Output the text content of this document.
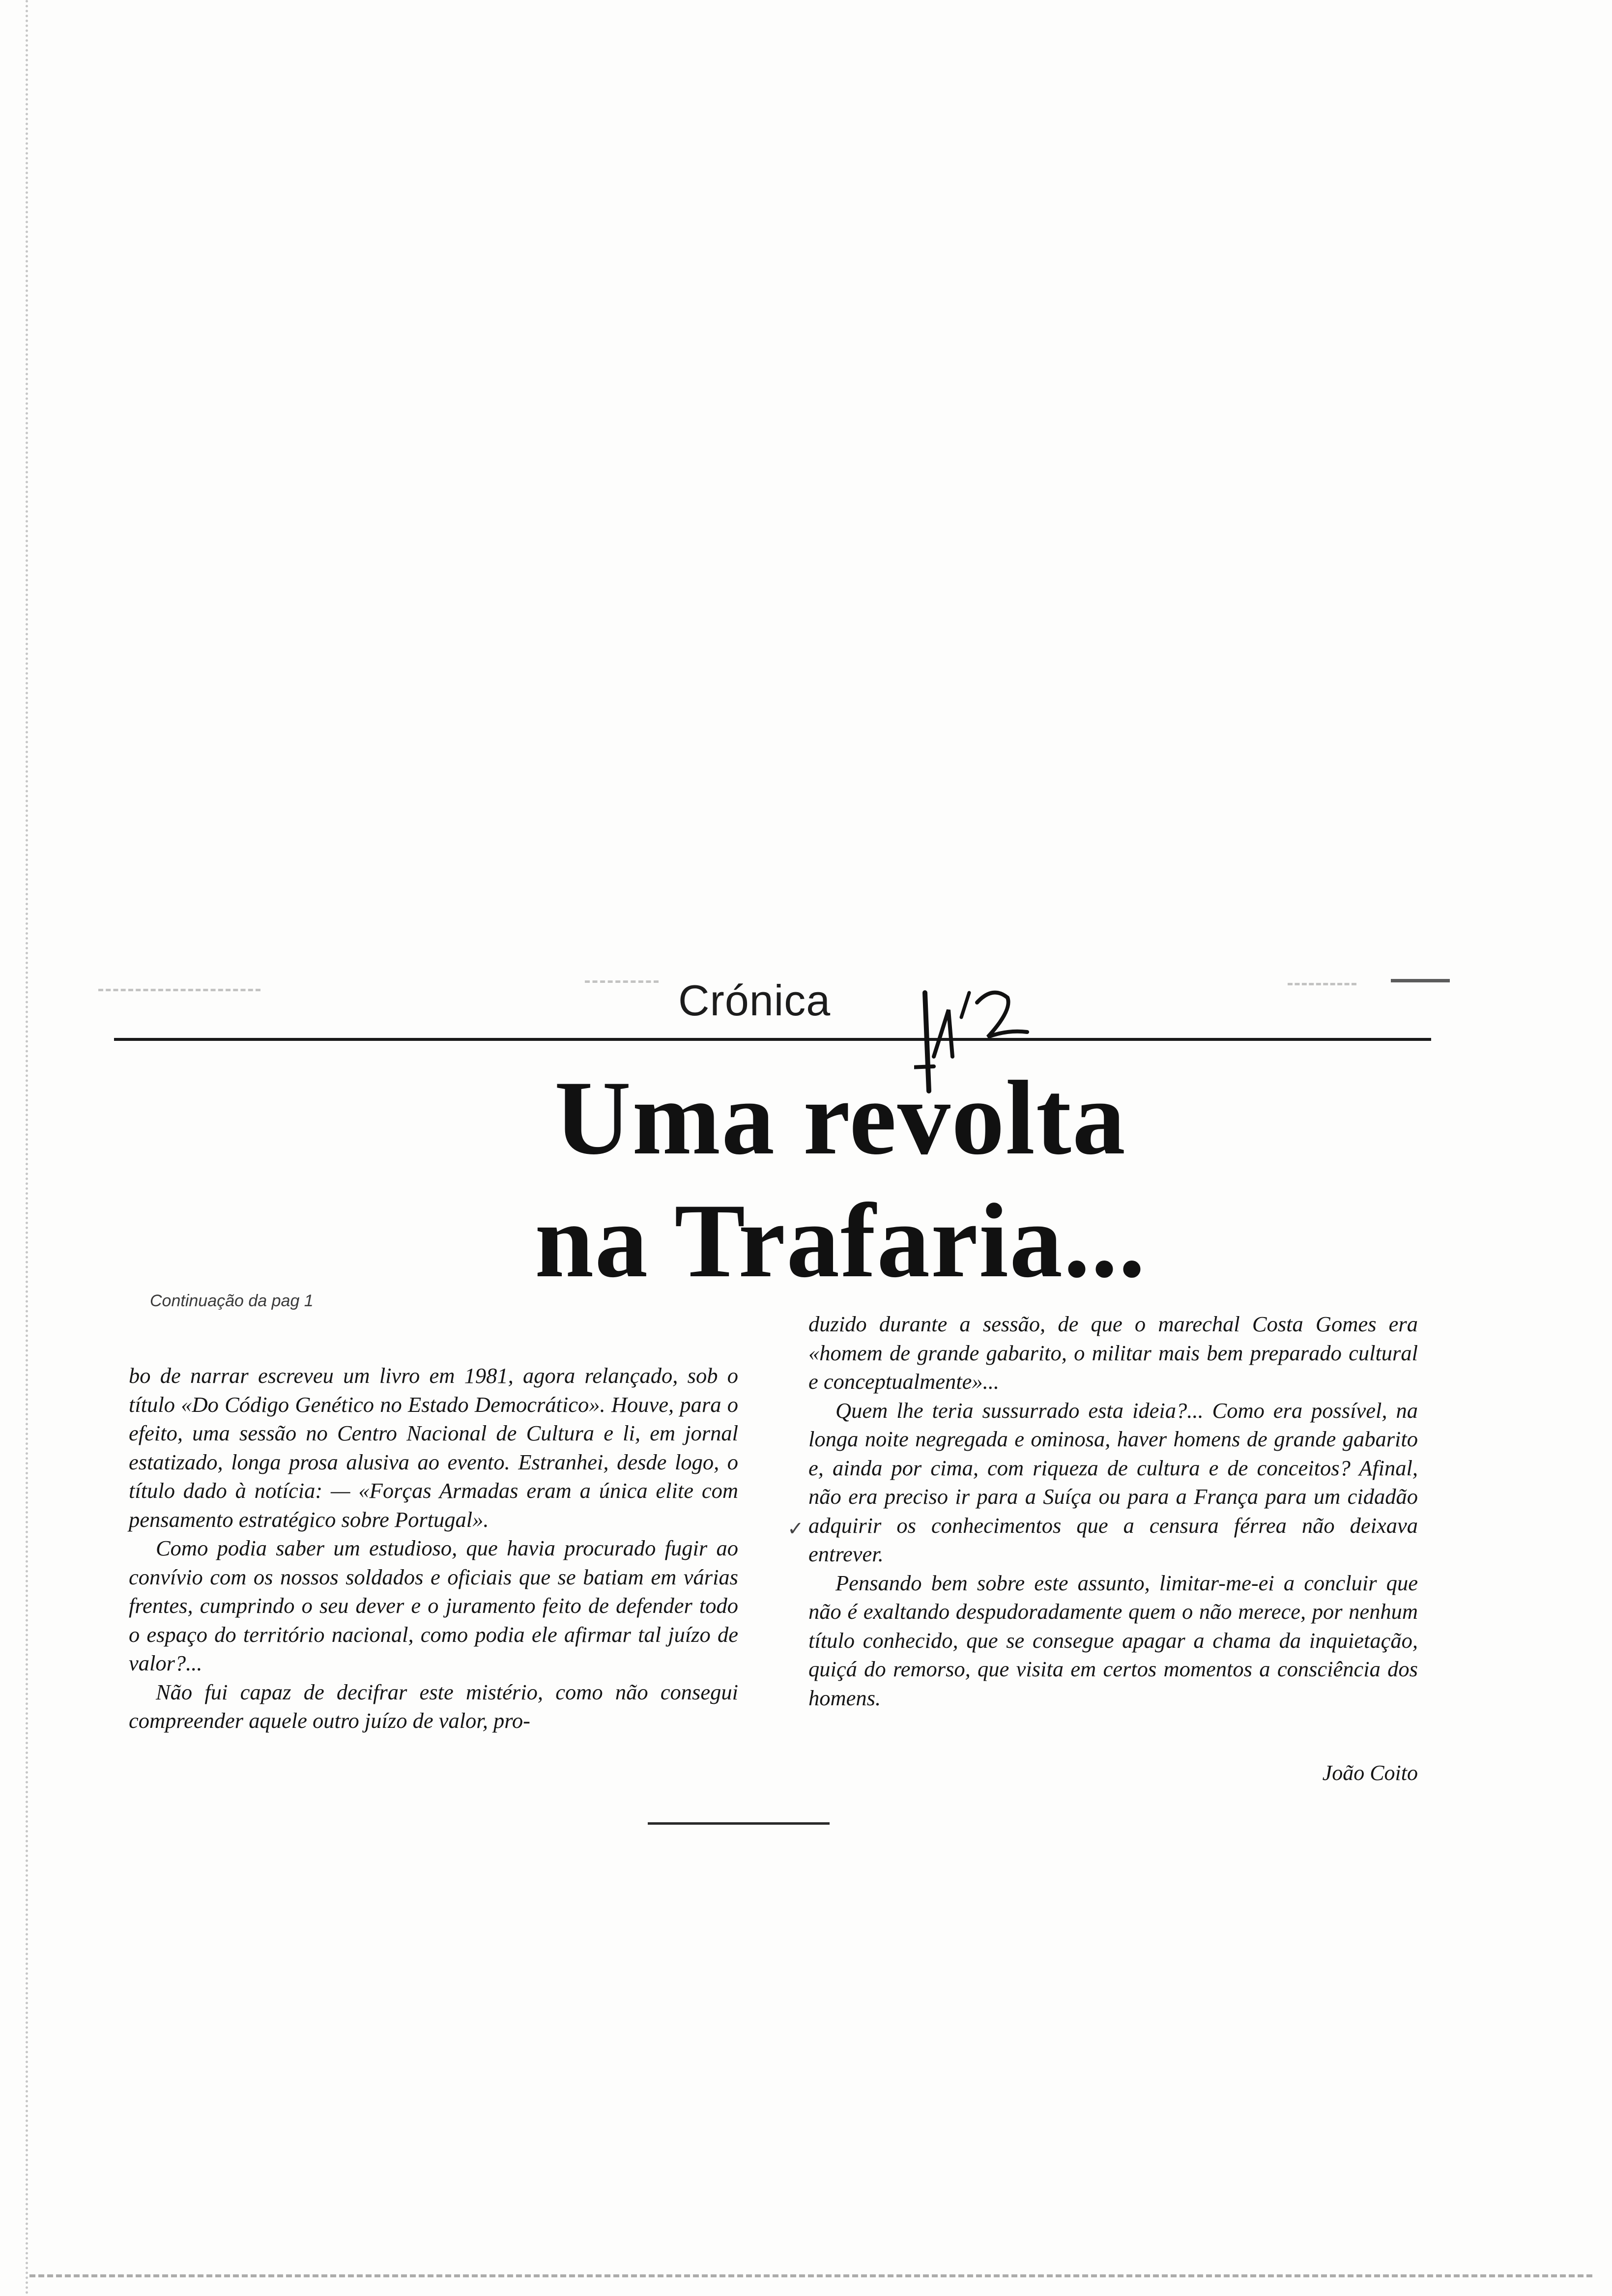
Crónica
Uma revolta
na Trafaria...
Continuação da pag 1

bo de narrar escreveu um livro em 1981, agora relançado, sob o título «Do Código Genético no Estado Democrático». Houve, para o efeito, uma sessão no Centro Nacional de Cultura e li, em jornal estatizado, longa prosa alusiva ao evento. Estranhei, desde logo, o título dado à notícia: — «Forças Armadas eram a única elite com pensamento estratégico sobre Portugal».

Como podia saber um estudioso, que havia procurado fugir ao convívio com os nossos soldados e oficiais que se batiam em várias frentes, cumprindo o seu dever e o juramento feito de defender todo o espaço do território nacional, como podia ele afirmar tal juízo de valor?...

Não fui capaz de decifrar este mistério, como não consegui compreender aquele outro juízo de valor, pro-

✓

duzido durante a sessão, de que o marechal Costa Gomes era «homem de grande gabarito, o militar mais bem preparado cultural e conceptualmente»...

Quem lhe teria sussurrado esta ideia?... Como era possível, na longa noite negregada e ominosa, haver homens de grande gabarito e, ainda por cima, com riqueza de cultura e de conceitos? Afinal, não era preciso ir para a Suíça ou para a França para um cidadão adquirir os conhecimentos que a censura férrea não deixava entrever.

Pensando bem sobre este assunto, limitar-me-ei a concluir que não é exaltando despudoradamente quem o não merece, por nenhum título conhecido, que se consegue apagar a chama da inquietação, quiçá do remorso, que visita em certos momentos a consciência dos homens.

João Coito
